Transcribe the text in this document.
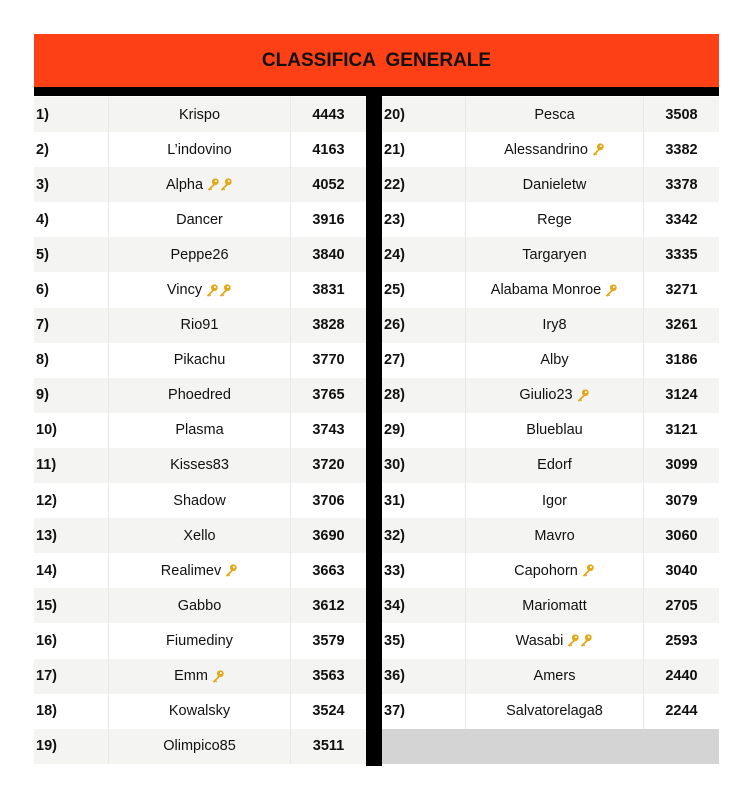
CLASSIFICA GENERALE
1)	Krispo	4443
2)	L’indovino	4163
3)	Alpha	4052
4)	Dancer	3916
5)	Peppe26	3840
6)	Vincy	3831
7)	Rio91	3828
8)	Pikachu	3770
9)	Phoedred	3765
10)	Plasma	3743
11)	Kisses83	3720
12)	Shadow	3706
13)	Xello	3690
14)	Realimev	3663
15)	Gabbo	3612
16)	Fiumediny	3579
17)	Emm	3563
18)	Kowalsky	3524
19)	Olimpico85	3511
20)	Pesca	3508
21)	Alessandrino	3382
22)	Danieletw	3378
23)	Rege	3342
24)	Targaryen	3335
25)	Alabama Monroe	3271
26)	Iry8	3261
27)	Alby	3186
28)	Giulio23	3124
29)	Blueblau	3121
30)	Edorf	3099
31)	Igor	3079
32)	Mavro	3060
33)	Capohorn	3040
34)	Mariomatt	2705
35)	Wasabi	2593
36)	Amers	2440
37)	Salvatorelaga8	2244
